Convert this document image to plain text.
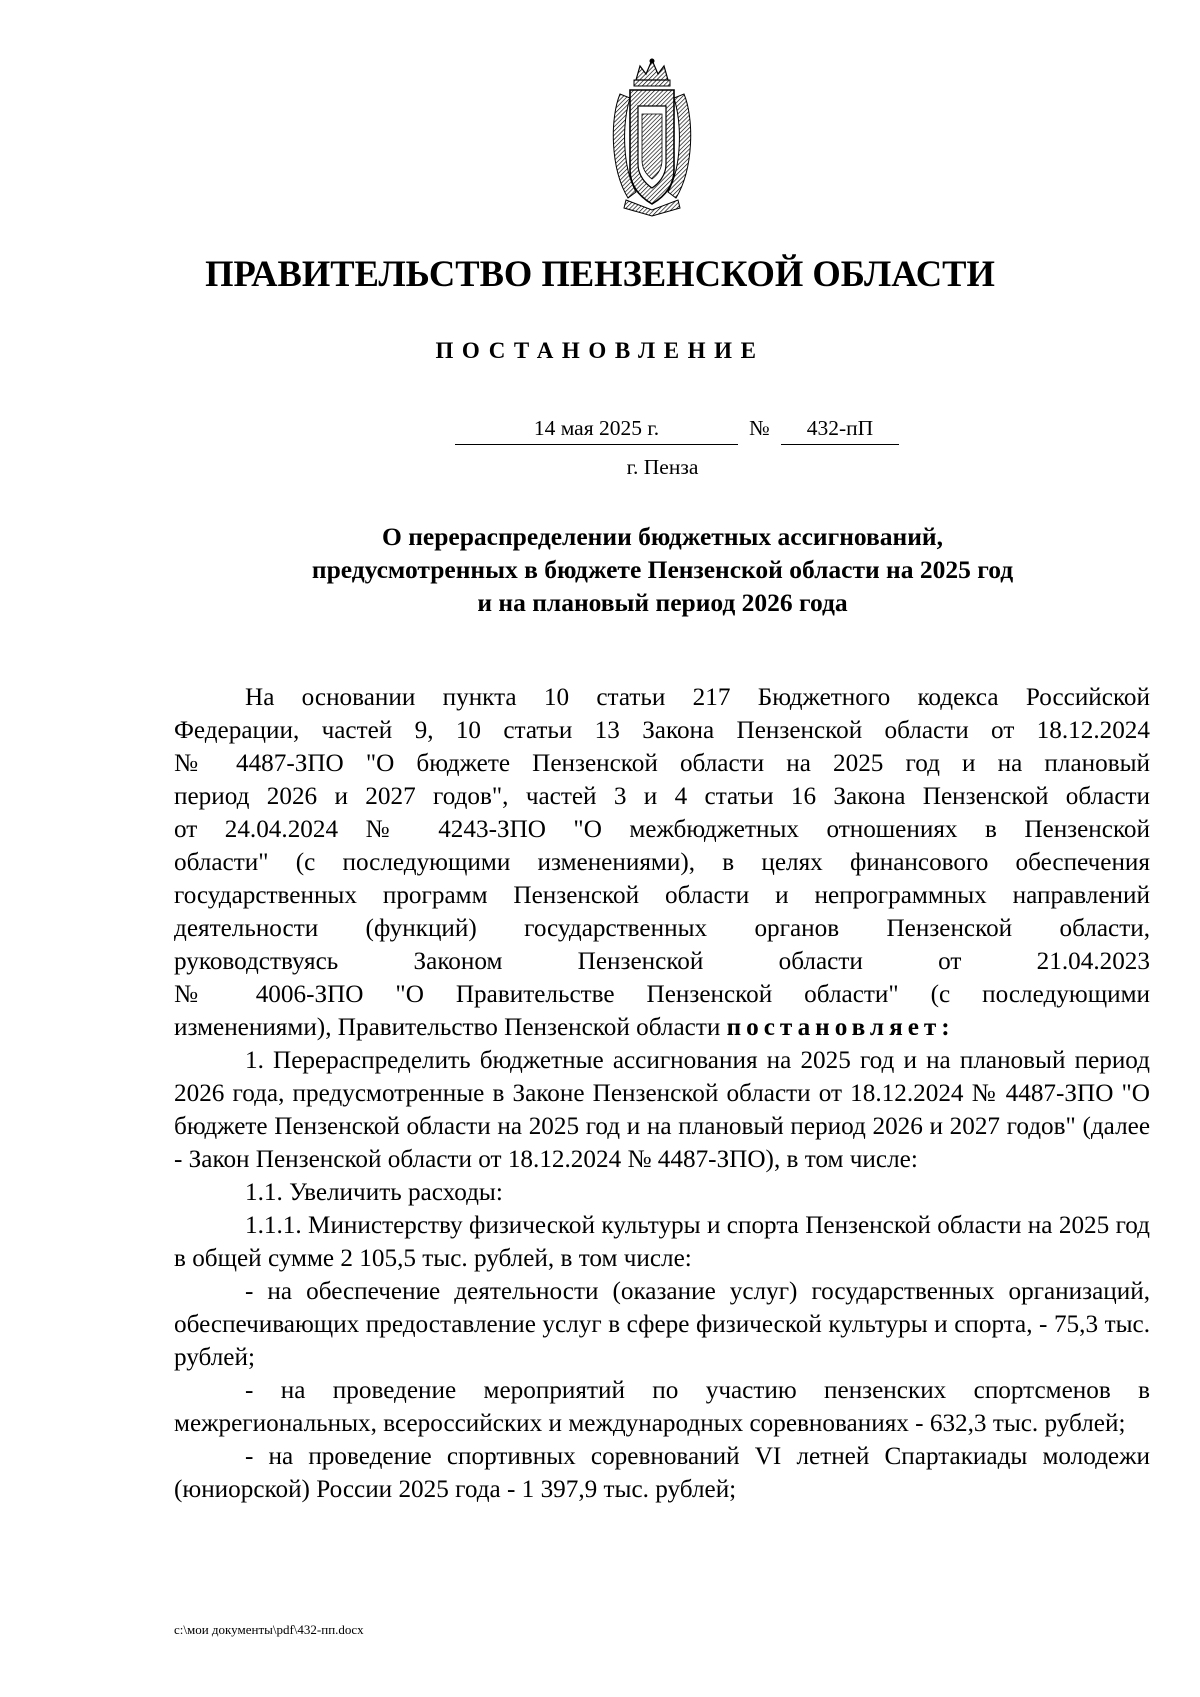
ПРАВИТЕЛЬСТВО ПЕНЗЕНСКОЙ ОБЛАСТИ
ПОСТАНОВЛЕНИЕ
14 мая 2025 г.	№	432-пП
г. Пенза
О перераспределении бюджетных ассигнований,
предусмотренных в бюджете Пензенской области на 2025 год
и на плановый период 2026 года
На основании пункта 10 статьи 217 Бюджетного кодекса Российской
Федерации, частей 9, 10 статьи 13 Закона Пензенской области от 18.12.2024
№ 4487-ЗПО "О бюджете Пензенской области на 2025 год и на плановый
период 2026 и 2027 годов", частей 3 и 4 статьи 16 Закона Пензенской области
от 24.04.2024 № 4243-ЗПО "О межбюджетных отношениях в Пензенской
области" (с последующими изменениями), в целях финансового обеспечения
государственных программ Пензенской области и непрограммных направлений
деятельности (функций) государственных органов Пензенской области,
руководствуясь Законом Пензенской области от 21.04.2023
№ 4006-ЗПО "О Правительстве Пензенской области" (с последующими
изменениями), Правительство Пензенской области постановляет:

1. Перераспределить бюджетные ассигнования на 2025 год и на плановый период 2026 года, предусмотренные в Законе Пензенской области от 18.12.2024 № 4487-ЗПО "О бюджете Пензенской области на 2025 год и на плановый период 2026 и 2027 годов" (далее - Закон Пензенской области от 18.12.2024 № 4487-ЗПО), в том числе:

1.1. Увеличить расходы:

1.1.1. Министерству физической культуры и спорта Пензенской области на 2025 год в общей сумме 2 105,5 тыс. рублей, в том числе:

- на обеспечение деятельности (оказание услуг) государственных организаций, обеспечивающих предоставление услуг в сфере физической культуры и спорта, - 75,3 тыс. рублей;

- на проведение мероприятий по участию пензенских спортсменов в межрегиональных, всероссийских и международных соревнованиях - 632,3 тыс. рублей;

- на проведение спортивных соревнований VI летней Спартакиады молодежи (юниорской) России 2025 года - 1 397,9 тыс. рублей;

c:\мои документы\pdf\432-пп.docx
